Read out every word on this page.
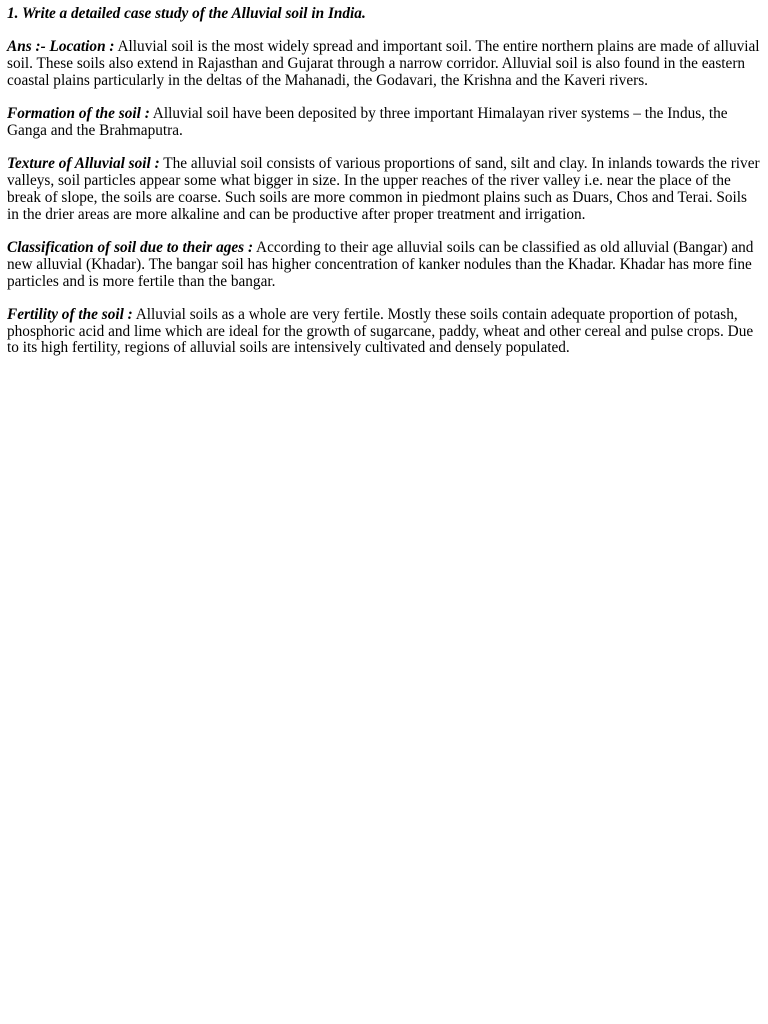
1. Write a detailed case study of the Alluvial soil in India.

Ans :- Location : Alluvial soil is the most widely spread and important soil. The entire northern plains are made of alluvial soil. These soils also extend in Rajasthan and Gujarat through a narrow corridor. Alluvial soil is also found in the eastern coastal plains particularly in the deltas of the Mahanadi, the Godavari, the Krishna and the Kaveri rivers.

Formation of the soil : Alluvial soil have been deposited by three important Himalayan river systems – the Indus, the Ganga and the Brahmaputra.

Texture of Alluvial soil : The alluvial soil consists of various proportions of sand, silt and clay. In inlands towards the river valleys, soil particles appear some what bigger in size. In the upper reaches of the river valley i.e. near the place of the break of slope, the soils are coarse. Such soils are more common in piedmont plains such as Duars, Chos and Terai. Soils in the drier areas are more alkaline and can be productive after proper treatment and irrigation.

Classification of soil due to their ages : According to their age alluvial soils can be classified as old alluvial (Bangar) and new alluvial (Khadar). The bangar soil has higher concentration of kanker nodules than the Khadar. Khadar has more fine particles and is more fertile than the bangar.

Fertility of the soil : Alluvial soils as a whole are very fertile. Mostly these soils contain adequate proportion of potash, phosphoric acid and lime which are ideal for the growth of sugarcane, paddy, wheat and other cereal and pulse crops. Due to its high fertility, regions of alluvial soils are intensively cultivated and densely populated.
